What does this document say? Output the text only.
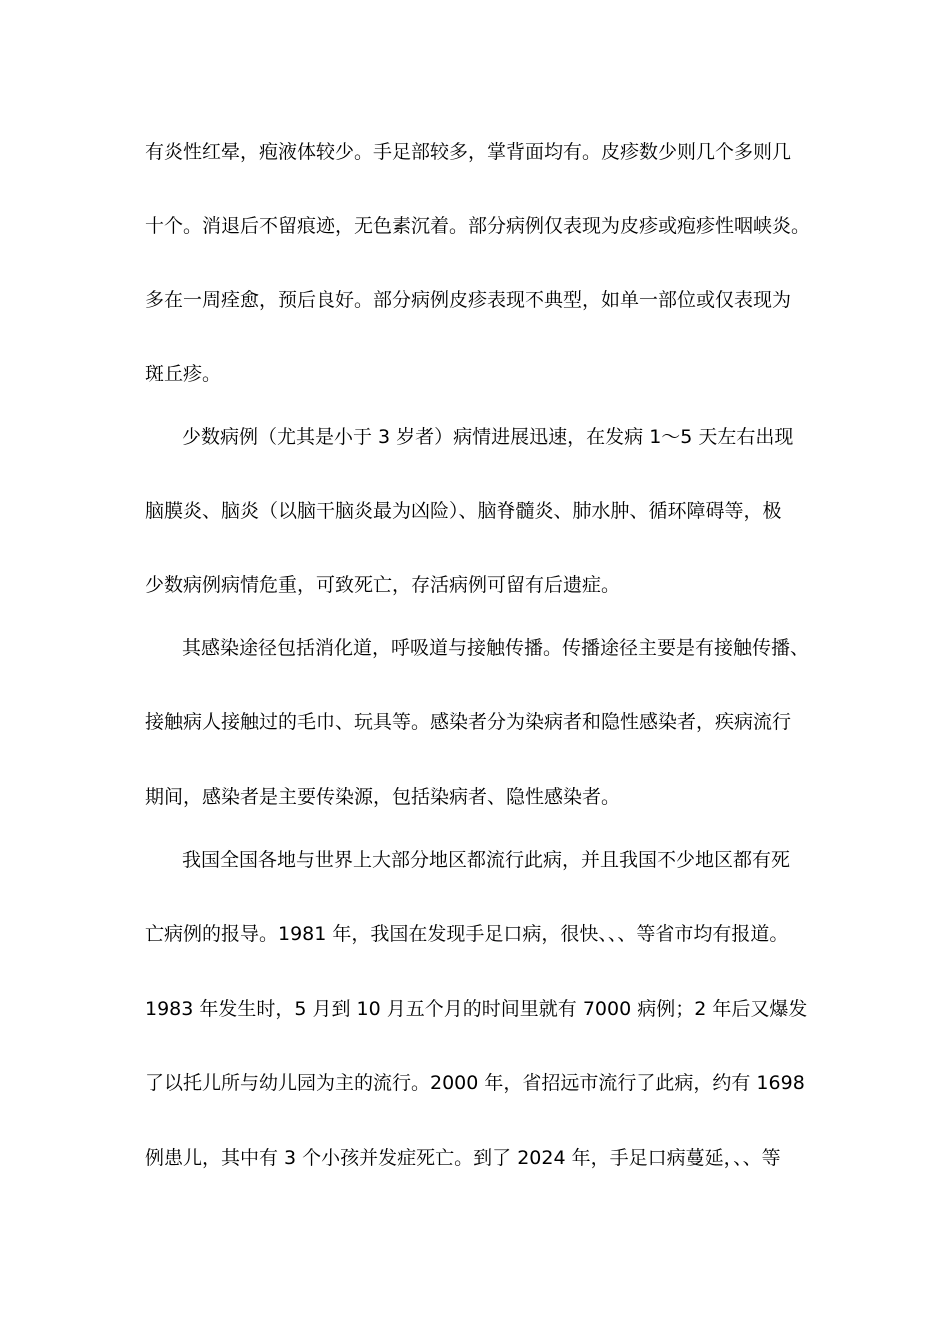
有炎性红晕，疱液体较少。手足部较多，掌背面均有。皮疹数少则几个多则几
十个。消退后不留痕迹，无色素沉着。部分病例仅表现为皮疹或疱疹性咽峡炎。
多在一周痊愈，预后良好。部分病例皮疹表现不典型，如单一部位或仅表现为
斑丘疹。
少数病例（尤其是小于 3 岁者）病情进展迅速，在发病 1～5 天左右出现
脑膜炎、脑炎（以脑干脑炎最为凶险）、脑脊髓炎、肺水肿、循环障碍等，极
少数病例病情危重，可致死亡，存活病例可留有后遗症。
其感染途径包括消化道，呼吸道与接触传播。传播途径主要是有接触传播、
接触病人接触过的毛巾、玩具等。感染者分为染病者和隐性感染者，疾病流行
期间，感染者是主要传染源，包括染病者、隐性感染者。
我国全国各地与世界上大部分地区都流行此病，并且我国不少地区都有死
亡病例的报导。1981 年，我国在发现手足口病，很快、、、等省市均有报道。
1983 年发生时，5 月到 10 月五个月的时间里就有 7000 病例；2 年后又爆发
了以托儿所与幼儿园为主的流行。2000 年，省招远市流行了此病，约有 1698
例患儿，其中有 3 个小孩并发症死亡。到了 2024 年，手足口病蔓延，、、等
